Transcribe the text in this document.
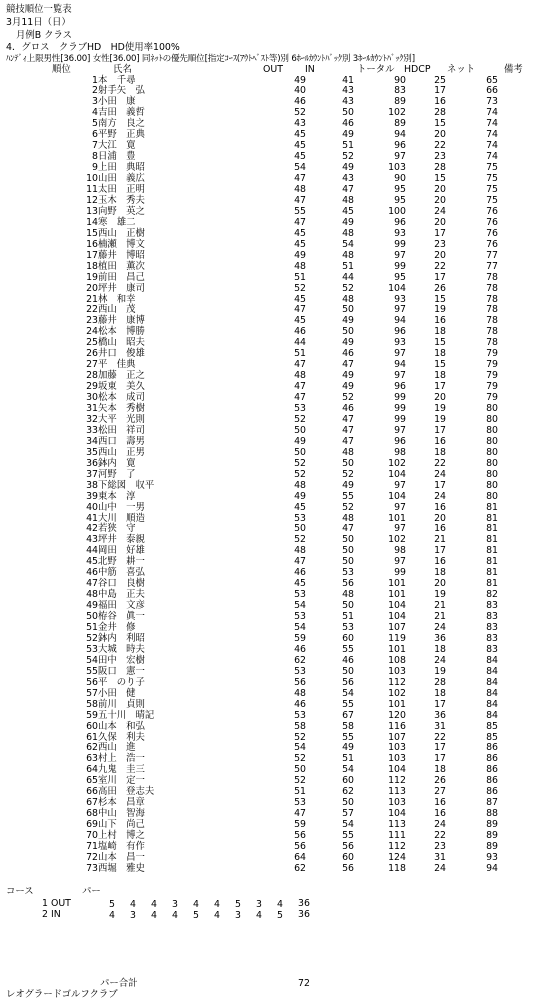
競技順位一覧表
3月11日（日）
月例B クラス
4．グロス　クラブHD　HD使用率100%
ﾊﾝﾃﾞｨ上限男性[36.00] 女性[36.00] 同ﾈｯﾄの優先順位[指定ｺｰｽ(ｱｳﾄﾍﾞｽﾄ等)別 6ﾎｰﾙｶｳﾝﾄﾊﾞｯｸ別 3ﾎｰﾙｶｳﾝﾄﾊﾞｯｸ別]
順位	氏名	OUT IN	トータル HDCP ネット	備考
1 本　千尋	49	41	90	25	65
2 射手矢　弘	40	43	83	17	66
3 小田　康	46	43	89	16	73
4 吉田　義哲	52	50	102	28	74
5 南方　良之	43	46	89	15	74
6 平野　正典	45	49	94	20	74
7 大江　寛	45	51	96	22	74
8 日浦　豊	45	52	97	23	74
9 上田　典昭	54	49	103	28	75
10 山田　義広	47	43	90	15	75
11 太田　正明	48	47	95	20	75
12 玉木　秀夫	47	48	95	20	75
13 向野　英之	55	45	100	24	76
14 寒　雄二	47	49	96	20	76
15 西山　正樹	45	48	93	17	76
16 楠瀬　博文	45	54	99	23	76
17 藤井　博昭	49	48	97	20	77
18 植田　薫次	48	51	99	22	77
19 前田　昌己	51	44	95	17	78
20 坪井　康司	52	52	104	26	78
21 林　和幸	45	48	93	15	78
22 西山　茂	47	50	97	19	78
23 藤井　康博	45	49	94	16	78
24 松本　博勝	46	50	96	18	78
25 橋山　昭夫	44	49	93	15	78
26 井口　俊雄	51	46	97	18	79
27 平　佳典	47	47	94	15	79
28 加藤　正之	48	49	97	18	79
29 坂東　美久	47	49	96	17	79
30 松本　成司	47	52	99	20	79
31 矢本　秀樹	53	46	99	19	80
32 大平　光則	52	47	99	19	80
33 松田　祥司	50	47	97	17	80
34 西口　壽男	49	47	96	16	80
35 西山　正男	50	48	98	18	80
36 鉢内　寛	52	50	102	22	80
37 河野　了	52	52	104	24	80
38 下総図　収平	48	49	97	17	80
39 東本　淳	49	55	104	24	80
40 山中　一男	45	52	97	16	81
41 大川　順造	53	48	101	20	81
42 若狭　守	50	47	97	16	81
43 坪井　泰親	52	50	102	21	81
44 岡田　好雄	48	50	98	17	81
45 北野　耕一	47	50	97	16	81
46 中筋　喜弘	46	53	99	18	81
47 谷口　良樹	45	56	101	20	81
48 中島　正夫	53	48	101	19	82
49 福田　文彦	54	50	104	21	83
50 栫谷　眞一	53	51	104	21	83
51 金井　修	54	53	107	24	83
52 鉢内　利昭	59	60	119	36	83
53 大城　時夫	46	55	101	18	83
54 田中　宏樹	62	46	108	24	84
55 阪口　憲一	53	50	103	19	84
56 平　のり子	56	56	112	28	84
57 小田　健	48	54	102	18	84
58 前川　貞則	46	55	101	17	84
59 五十川　晴記	53	67	120	36	84
60 山本　和弘	58	58	116	31	85
61 久保　利夫	52	55	107	22	85
62 西山　進	54	49	103	17	86
63 村上　浩一	52	51	103	17	86
64 九鬼　圭三	50	54	104	18	86
65 室川　定一	52	60	112	26	86
66 高田　登志夫	51	62	113	27	86
67 杉本　昌章	53	50	103	16	87
68 中山　智海	47	57	104	16	88
69 山下　尚己	59	54	113	24	89
70 上村　博之	56	55	111	22	89
71 塩崎　有作	56	56	112	23	89
72 山本　昌一	64	60	124	31	93
73 西堀　雅史	62	56	118	24	94
コース	パー
1 OUT	5	4	4	3	4	4	5	3	4	36
2 IN	4	3	4	4	5	4	3	4	5	36
パー合計	72
レオグラードゴルフクラブ
